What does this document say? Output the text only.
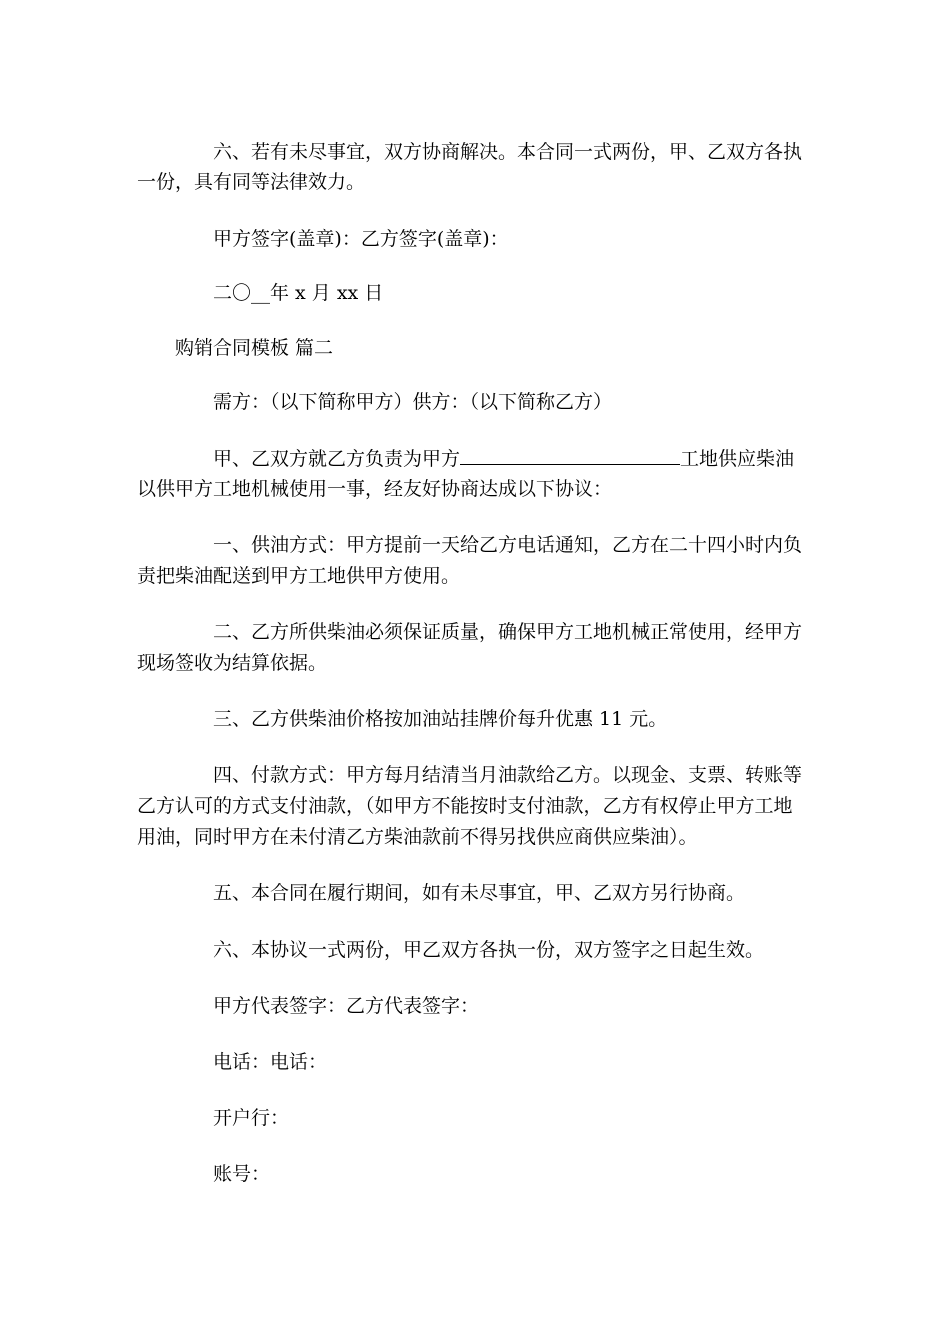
六、若有未尽事宜，双方协商解决。本合同一式两份，甲、乙双方各执

一份，具有同等法律效力。

甲方签字(盖章)：乙方签字(盖章)：

二〇__年 x 月 xx 日

购销合同模板 篇二

需方：（以下简称甲方）供方：（以下简称乙方）

甲、乙双方就乙方负责为甲方	工地供应柴油

以供甲方工地机械使用一事，经友好协商达成以下协议：

一、供油方式：甲方提前一天给乙方电话通知，乙方在二十四小时内负

责把柴油配送到甲方工地供甲方使用。

二、乙方所供柴油必须保证质量，确保甲方工地机械正常使用，经甲方

现场签收为结算依据。

三、乙方供柴油价格按加油站挂牌价每升优惠 11 元。

四、付款方式：甲方每月结清当月油款给乙方。以现金、支票、转账等

乙方认可的方式支付油款，（如甲方不能按时支付油款，乙方有权停止甲方工地

用油，同时甲方在未付清乙方柴油款前不得另找供应商供应柴油）。

五、本合同在履行期间，如有未尽事宜，甲、乙双方另行协商。

六、本协议一式两份，甲乙双方各执一份，双方签字之日起生效。

甲方代表签字：乙方代表签字：

电话：电话：

开户行：

账号：
